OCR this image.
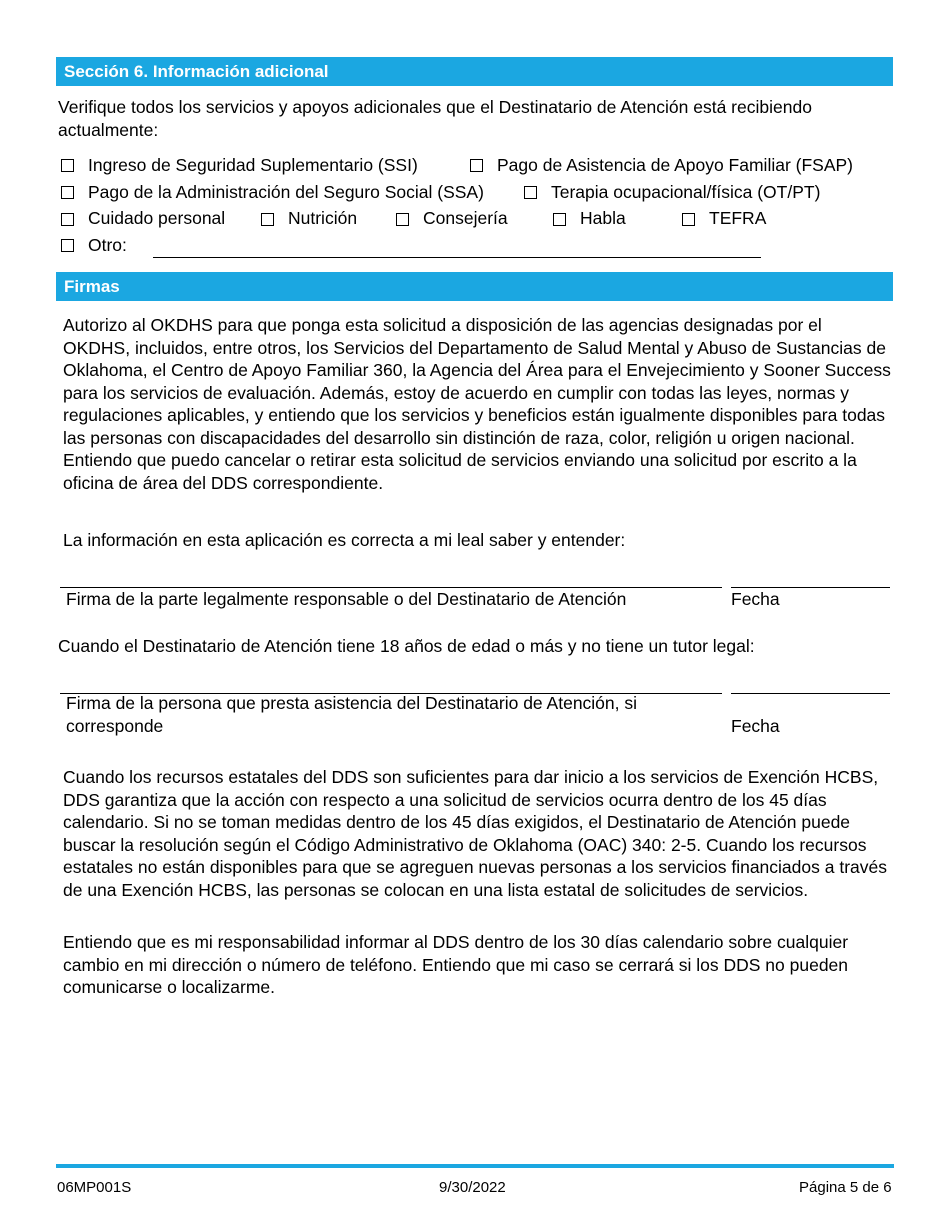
Sección 6. Información adicional
Verifique todos los servicios y apoyos adicionales que el Destinatario de Atención está recibiendo actualmente:
Ingreso de Seguridad Suplementario (SSI)	Pago de Asistencia de Apoyo Familiar (FSAP)
Pago de la Administración del Seguro Social (SSA)	Terapia ocupacional/física (OT/PT)
Cuidado personal	Nutrición	Consejería	Habla	TEFRA
Otro:
Firmas
Autorizo al OKDHS para que ponga esta solicitud a disposición de las agencias designadas por el OKDHS, incluidos, entre otros, los Servicios del Departamento de Salud Mental y Abuso de Sustancias de Oklahoma, el Centro de Apoyo Familiar 360, la Agencia del Área para el Envejecimiento y Sooner Success para los servicios de evaluación. Además, estoy de acuerdo en cumplir con todas las leyes, normas y regulaciones aplicables, y entiendo que los servicios y beneficios están igualmente disponibles para todas las personas con discapacidades del desarrollo sin distinción de raza, color, religión u origen nacional. Entiendo que puedo cancelar o retirar esta solicitud de servicios enviando una solicitud por escrito a la oficina de área del DDS correspondiente.
La información en esta aplicación es correcta a mi leal saber y entender:
Firma de la parte legalmente responsable o del Destinatario de Atención	Fecha
Cuando el Destinatario de Atención tiene 18 años de edad o más y no tiene un tutor legal:
Firma de la persona que presta asistencia del Destinatario de Atención, si corresponde	Fecha
Cuando los recursos estatales del DDS son suficientes para dar inicio a los servicios de Exención HCBS, DDS garantiza que la acción con respecto a una solicitud de servicios ocurra dentro de los 45 días calendario. Si no se toman medidas dentro de los 45 días exigidos, el Destinatario de Atención puede buscar la resolución según el Código Administrativo de Oklahoma (OAC) 340: 2-5. Cuando los recursos estatales no están disponibles para que se agreguen nuevas personas a los servicios financiados a través de una Exención HCBS, las personas se colocan en una lista estatal de solicitudes de servicios.
Entiendo que es mi responsabilidad informar al DDS dentro de los 30 días calendario sobre cualquier cambio en mi dirección o número de teléfono. Entiendo que mi caso se cerrará si los DDS no pueden comunicarse o localizarme.
06MP001S	9/30/2022	Página 5 de 6
